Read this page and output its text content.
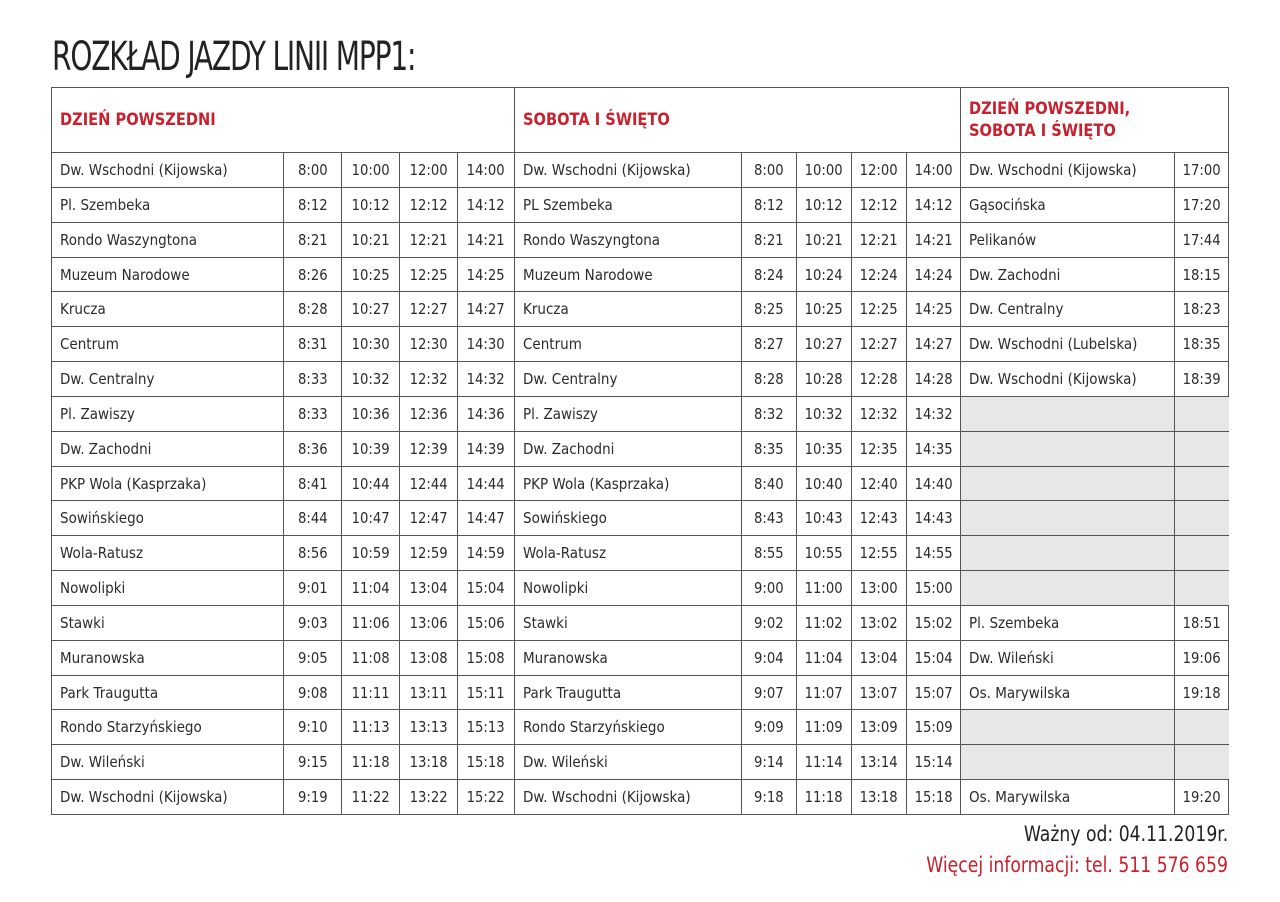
ROZKŁAD JAZDY LINII MPP1:
DZIEŃ POWSZEDNI
Dw. Wschodni (Kijowska)	8:00	10:00	12:00	14:00
Pl. Szembeka	8:12	10:12	12:12	14:12
Rondo Waszyngtona	8:21	10:21	12:21	14:21
Muzeum Narodowe	8:26	10:25	12:25	14:25
Krucza	8:28	10:27	12:27	14:27
Centrum	8:31	10:30	12:30	14:30
Dw. Centralny	8:33	10:32	12:32	14:32
Pl. Zawiszy	8:33	10:36	12:36	14:36
Dw. Zachodni	8:36	10:39	12:39	14:39
PKP Wola (Kasprzaka)	8:41	10:44	12:44	14:44
Sowińskiego	8:44	10:47	12:47	14:47
Wola-Ratusz	8:56	10:59	12:59	14:59
Nowolipki	9:01	11:04	13:04	15:04
Stawki	9:03	11:06	13:06	15:06
Muranowska	9:05	11:08	13:08	15:08
Park Traugutta	9:08	11:11	13:11	15:11
Rondo Starzyńskiego	9:10	11:13	13:13	15:13
Dw. Wileński	9:15	11:18	13:18	15:18
Dw. Wschodni (Kijowska)	9:19	11:22	13:22	15:22
SOBOTA I ŚWIĘTO
Dw. Wschodni (Kijowska)	8:00	10:00	12:00	14:00
PL Szembeka	8:12	10:12	12:12	14:12
Rondo Waszyngtona	8:21	10:21	12:21	14:21
Muzeum Narodowe	8:24	10:24	12:24	14:24
Krucza	8:25	10:25	12:25	14:25
Centrum	8:27	10:27	12:27	14:27
Dw. Centralny	8:28	10:28	12:28	14:28
Pl. Zawiszy	8:32	10:32	12:32	14:32
Dw. Zachodni	8:35	10:35	12:35	14:35
PKP Wola (Kasprzaka)	8:40	10:40	12:40	14:40
Sowińskiego	8:43	10:43	12:43	14:43
Wola-Ratusz	8:55	10:55	12:55	14:55
Nowolipki	9:00	11:00	13:00	15:00
Stawki	9:02	11:02	13:02	15:02
Muranowska	9:04	11:04	13:04	15:04
Park Traugutta	9:07	11:07	13:07	15:07
Rondo Starzyńskiego	9:09	11:09	13:09	15:09
Dw. Wileński	9:14	11:14	13:14	15:14
Dw. Wschodni (Kijowska)	9:18	11:18	13:18	15:18
DZIEŃ POWSZEDNI, SOBOTA I ŚWIĘTO
Dw. Wschodni (Kijowska)	17:00
Gąsocińska	17:20
Pelikanów	17:44
Dw. Zachodni	18:15
Dw. Centralny	18:23
Dw. Wschodni (Lubelska)	18:35
Dw. Wschodni (Kijowska)	18:39
Pl. Szembeka	18:51
Dw. Wileński	19:06
Os. Marywilska	19:18
Os. Marywilska	19:20
Ważny od: 04.11.2019r.
Więcej informacji: tel. 511 576 659
